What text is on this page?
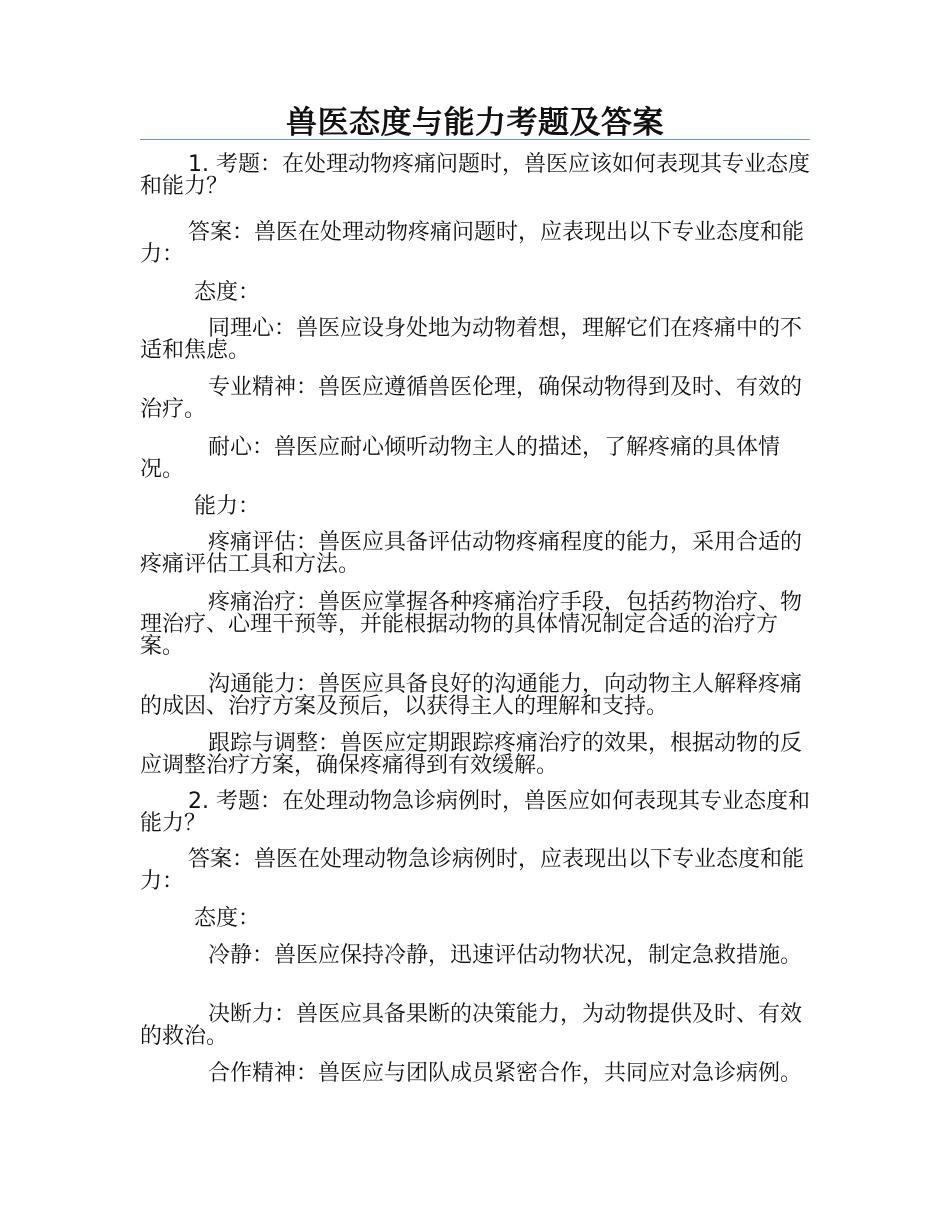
兽医态度与能力考题及答案

1. 考题：在处理动物疼痛问题时，兽医应该如何表现其专业态度和能力？

答案：兽医在处理动物疼痛问题时，应表现出以下专业态度和能力：

态度：

同理心：兽医应设身处地为动物着想，理解它们在疼痛中的不适和焦虑。

专业精神：兽医应遵循兽医伦理，确保动物得到及时、有效的治疗。

耐心：兽医应耐心倾听动物主人的描述，了解疼痛的具体情况。

能力：

疼痛评估：兽医应具备评估动物疼痛程度的能力，采用合适的疼痛评估工具和方法。

疼痛治疗：兽医应掌握各种疼痛治疗手段，包括药物治疗、物理治疗、心理干预等，并能根据动物的具体情况制定合适的治疗方案。

沟通能力：兽医应具备良好的沟通能力，向动物主人解释疼痛的成因、治疗方案及预后，以获得主人的理解和支持。

跟踪与调整：兽医应定期跟踪疼痛治疗的效果，根据动物的反应调整治疗方案，确保疼痛得到有效缓解。

2. 考题：在处理动物急诊病例时，兽医应如何表现其专业态度和能力？

答案：兽医在处理动物急诊病例时，应表现出以下专业态度和能力：

态度：

冷静：兽医应保持冷静，迅速评估动物状况，制定急救措施。

决断力：兽医应具备果断的决策能力，为动物提供及时、有效的救治。

合作精神：兽医应与团队成员紧密合作，共同应对急诊病例。
